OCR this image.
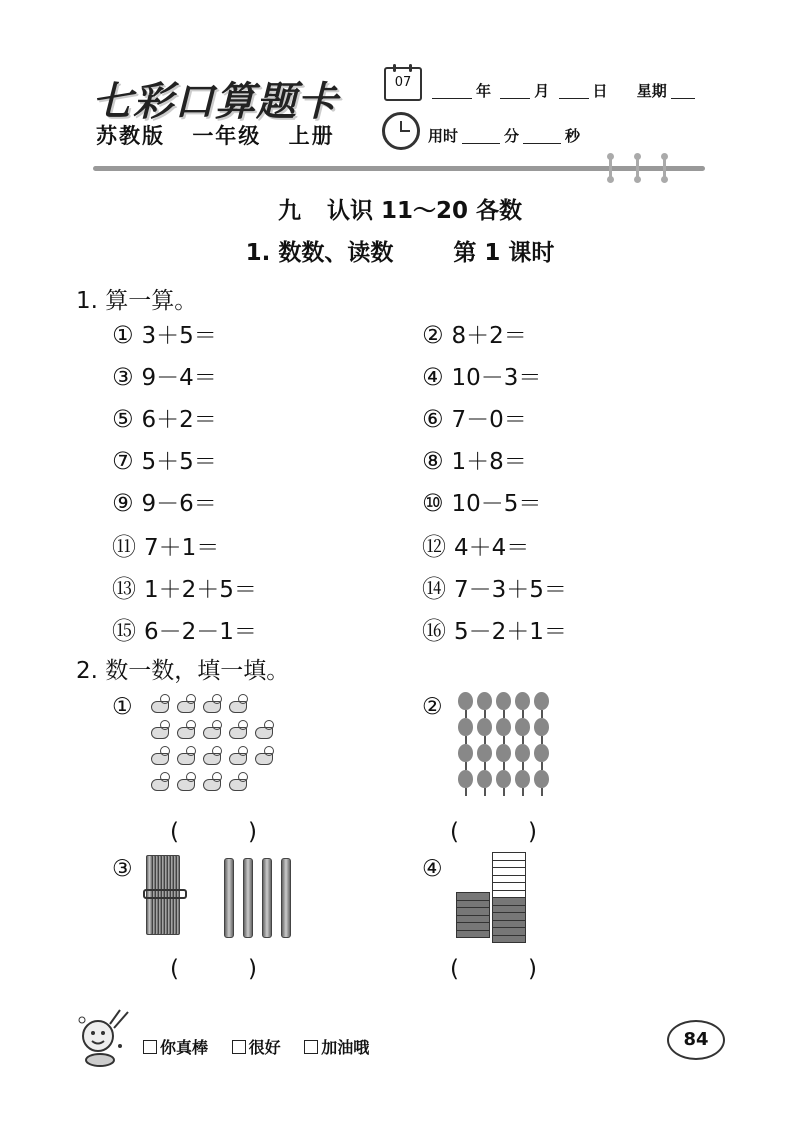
七彩口算题卡
苏教版 一年级 上册
07	年	月	日 星期
用时	分	秒
九 认识 11～20 各数
1. 数数、读数	第 1 课时
1. 算一算。
① 3＋5＝	② 8＋2＝
③ 9－4＝	④ 10－3＝
⑤ 6＋2＝	⑥ 7－0＝
⑦ 5＋5＝	⑧ 1＋8＝
⑨ 9－6＝	⑩ 10－5＝
⑪ 7＋1＝	⑫ 4＋4＝
⑬ 1＋2＋5＝	⑭ 7－3＋5＝
⑮ 6－2－1＝	⑯ 5－2＋1＝
2. 数一数，填一填。
①
(　　　)
②
(　　　)
③
(　　　)
④
(　　　)
你真棒	很好	加油哦	84
